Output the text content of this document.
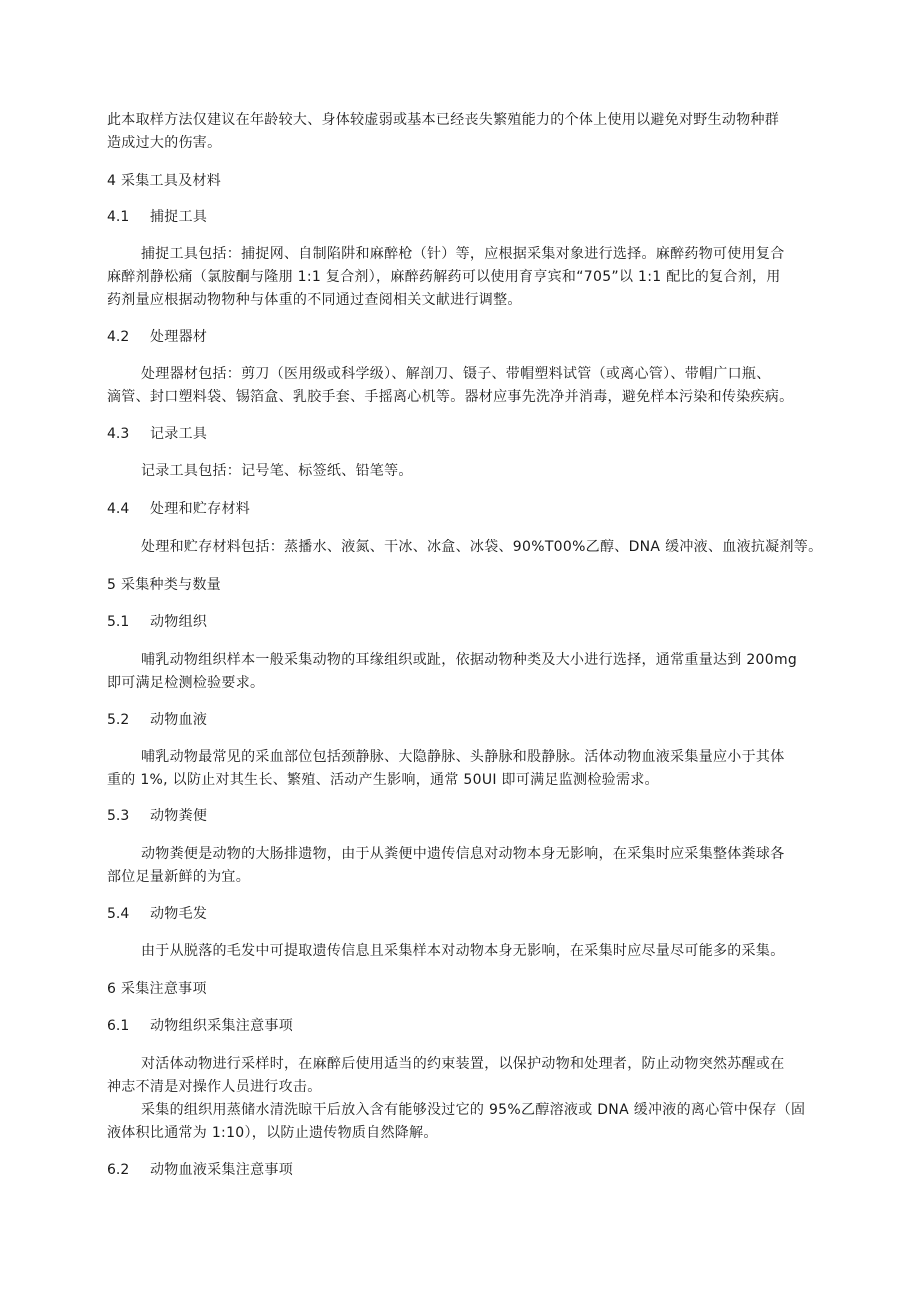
此本取样方法仅建议在年龄较大、身体较虚弱或基本已经丧失繁殖能力的个体上使用以避免对野生动物种群
造成过大的伤害。
4 采集工具及材料
4.1 捕捉工具
捕捉工具包括：捕捉网、自制陷阱和麻醉枪（针）等，应根据采集对象进行选择。麻醉药物可使用复合
麻醉剂静松痛（氯胺酮与隆朋 1:1 复合剂），麻醉药解药可以使用育亨宾和“705”以 1:1 配比的复合剂，用
药剂量应根据动物物种与体重的不同通过查阅相关文献进行调整。
4.2 处理器材
处理器材包括：剪刀（医用级或科学级）、解剖刀、镊子、带帽塑料试管（或离心管）、带帽广口瓶、
滴管、封口塑料袋、锡箔盒、乳胶手套、手摇离心机等。器材应事先洗净并消毒，避免样本污染和传染疾病。
4.3 记录工具
记录工具包括：记号笔、标签纸、铅笔等。
4.4 处理和贮存材料
处理和贮存材料包括：蒸播水、液氮、干冰、冰盒、冰袋、90%T00%乙醇、DNA 缓冲液、血液抗凝剂等。
5 采集种类与数量
5.1 动物组织
哺乳动物组织样本一般采集动物的耳缘组织或趾，依据动物种类及大小进行选择，通常重量达到 200mg
即可满足检测检验要求。
5.2 动物血液
哺乳动物最常见的采血部位包括颈静脉、大隐静脉、头静脉和股静脉。活体动物血液采集量应小于其体
重的 1%, 以防止对其生长、繁殖、活动产生影响，通常 50UI 即可满足监测检验需求。
5.3 动物粪便
动物粪便是动物的大肠排遗物，由于从粪便中遗传信息对动物本身无影响，在采集时应采集整体粪球各
部位足量新鲜的为宜。
5.4 动物毛发
由于从脱落的毛发中可提取遗传信息且采集样本对动物本身无影响，在采集时应尽量尽可能多的采集。
6 采集注意事项
6.1 动物组织采集注意事项
对活体动物进行采样时，在麻醉后使用适当的约束装置，以保护动物和处理者，防止动物突然苏醒或在
神志不清是对操作人员进行攻击。
采集的组织用蒸储水清洗晾干后放入含有能够没过它的 95%乙醇溶液或 DNA 缓冲液的离心管中保存（固
液体积比通常为 1:10），以防止遗传物质自然降解。
6.2 动物血液采集注意事项
